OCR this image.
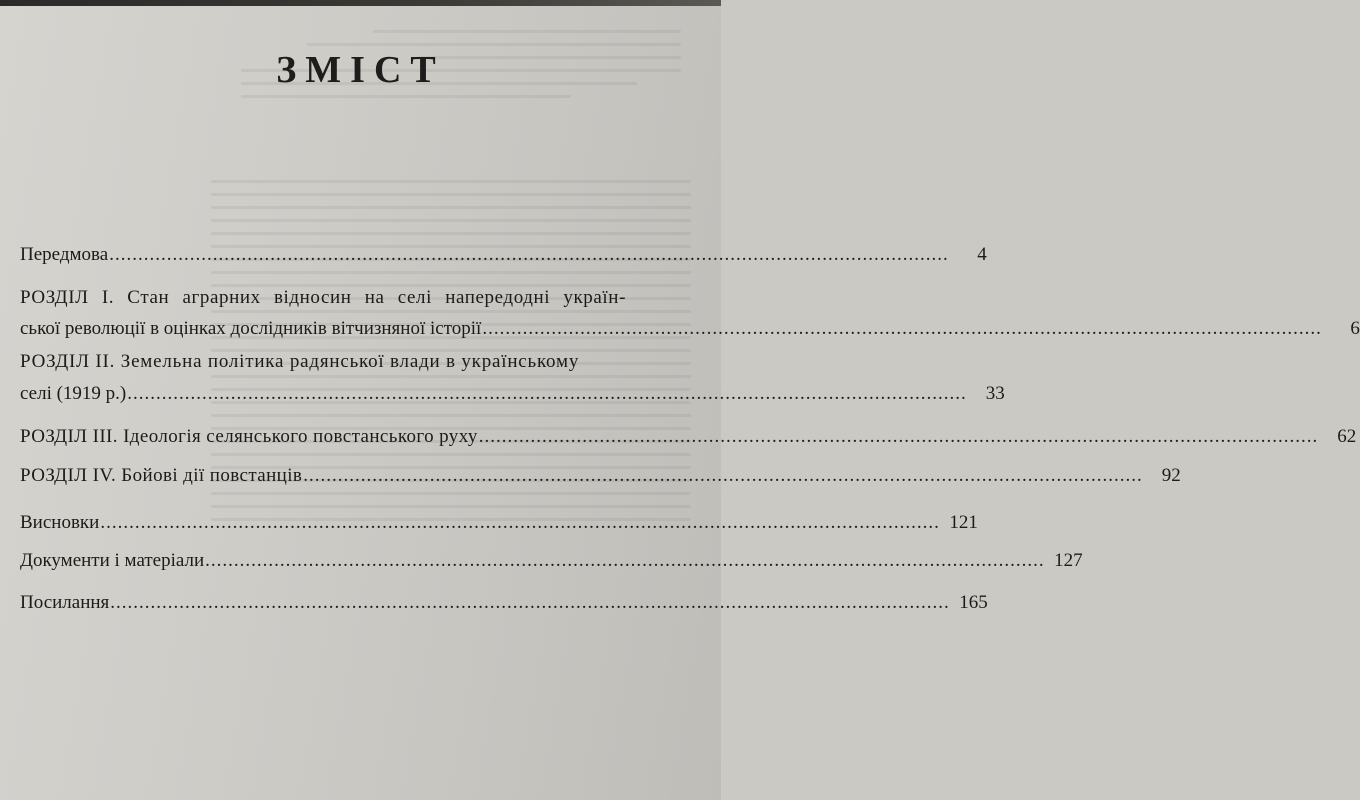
ЗМІСТ
Передмова ..................................................................................................................................................	4
РОЗДІЛ І. Стан аграрних відносин на селі напередодні україн-
ської революції в оцінках дослідників вітчизняної історії ..................................................................................................................................................	6
РОЗДІЛ ІІ. Земельна політика радянської влади в українському
селі (1919 р.) ..................................................................................................................................................	33
РОЗДІЛ ІІІ. Ідеологія селянського повстанського руху ..................................................................................................................................................	62
РОЗДІЛ IV. Бойові дії повстанців ..................................................................................................................................................	92
Висновки .................................................................................................................................................. 121
Документи і матеріали .................................................................................................................................................. 127
Посилання .................................................................................................................................................. 165
